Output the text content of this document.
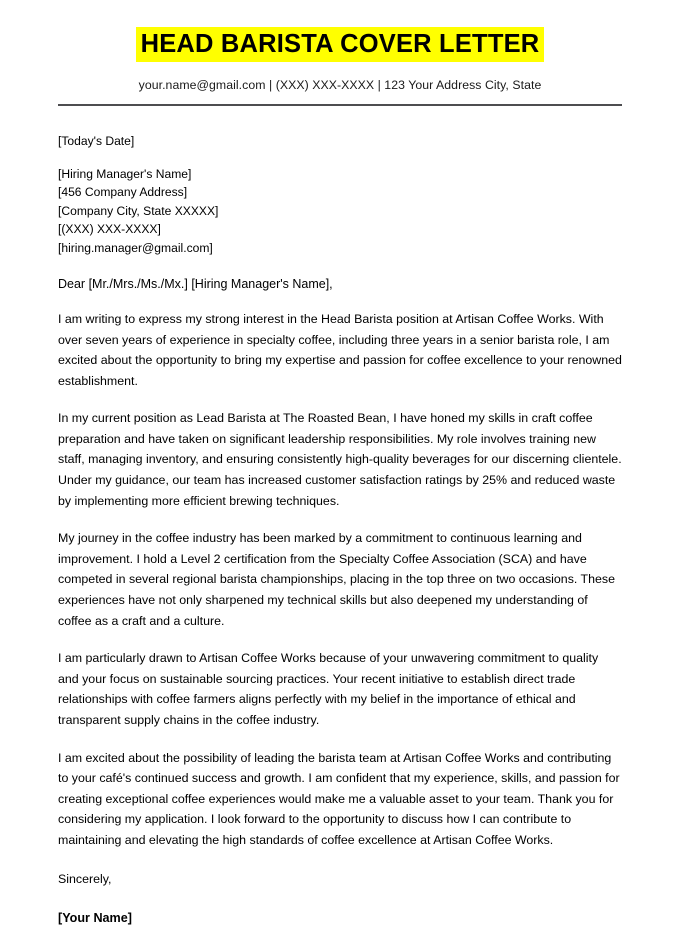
HEAD BARISTA COVER LETTER
your.name@gmail.com | (XXX) XXX-XXXX | 123 Your Address City, State
[Today's Date]

[Hiring Manager's Name]

[456 Company Address]

[Company City, State XXXXX]

[(XXX) XXX-XXXX]

[hiring.manager@gmail.com]

Dear [Mr./Mrs./Ms./Mx.] [Hiring Manager's Name],

I am writing to express my strong interest in the Head Barista position at Artisan Coffee Works. With over seven years of experience in specialty coffee, including three years in a senior barista role, I am excited about the opportunity to bring my expertise and passion for coffee excellence to your renowned establishment.

In my current position as Lead Barista at The Roasted Bean, I have honed my skills in craft coffee preparation and have taken on significant leadership responsibilities. My role involves training new staff, managing inventory, and ensuring consistently high-quality beverages for our discerning clientele. Under my guidance, our team has increased customer satisfaction ratings by 25% and reduced waste by implementing more efficient brewing techniques.

My journey in the coffee industry has been marked by a commitment to continuous learning and improvement. I hold a Level 2 certification from the Specialty Coffee Association (SCA) and have competed in several regional barista championships, placing in the top three on two occasions. These experiences have not only sharpened my technical skills but also deepened my understanding of coffee as a craft and a culture.

I am particularly drawn to Artisan Coffee Works because of your unwavering commitment to quality and your focus on sustainable sourcing practices. Your recent initiative to establish direct trade relationships with coffee farmers aligns perfectly with my belief in the importance of ethical and transparent supply chains in the coffee industry.

I am excited about the possibility of leading the barista team at Artisan Coffee Works and contributing to your café's continued success and growth. I am confident that my experience, skills, and passion for creating exceptional coffee experiences would make me a valuable asset to your team. Thank you for considering my application. I look forward to the opportunity to discuss how I can contribute to maintaining and elevating the high standards of coffee excellence at Artisan Coffee Works.

Sincerely,
[Your Name]
